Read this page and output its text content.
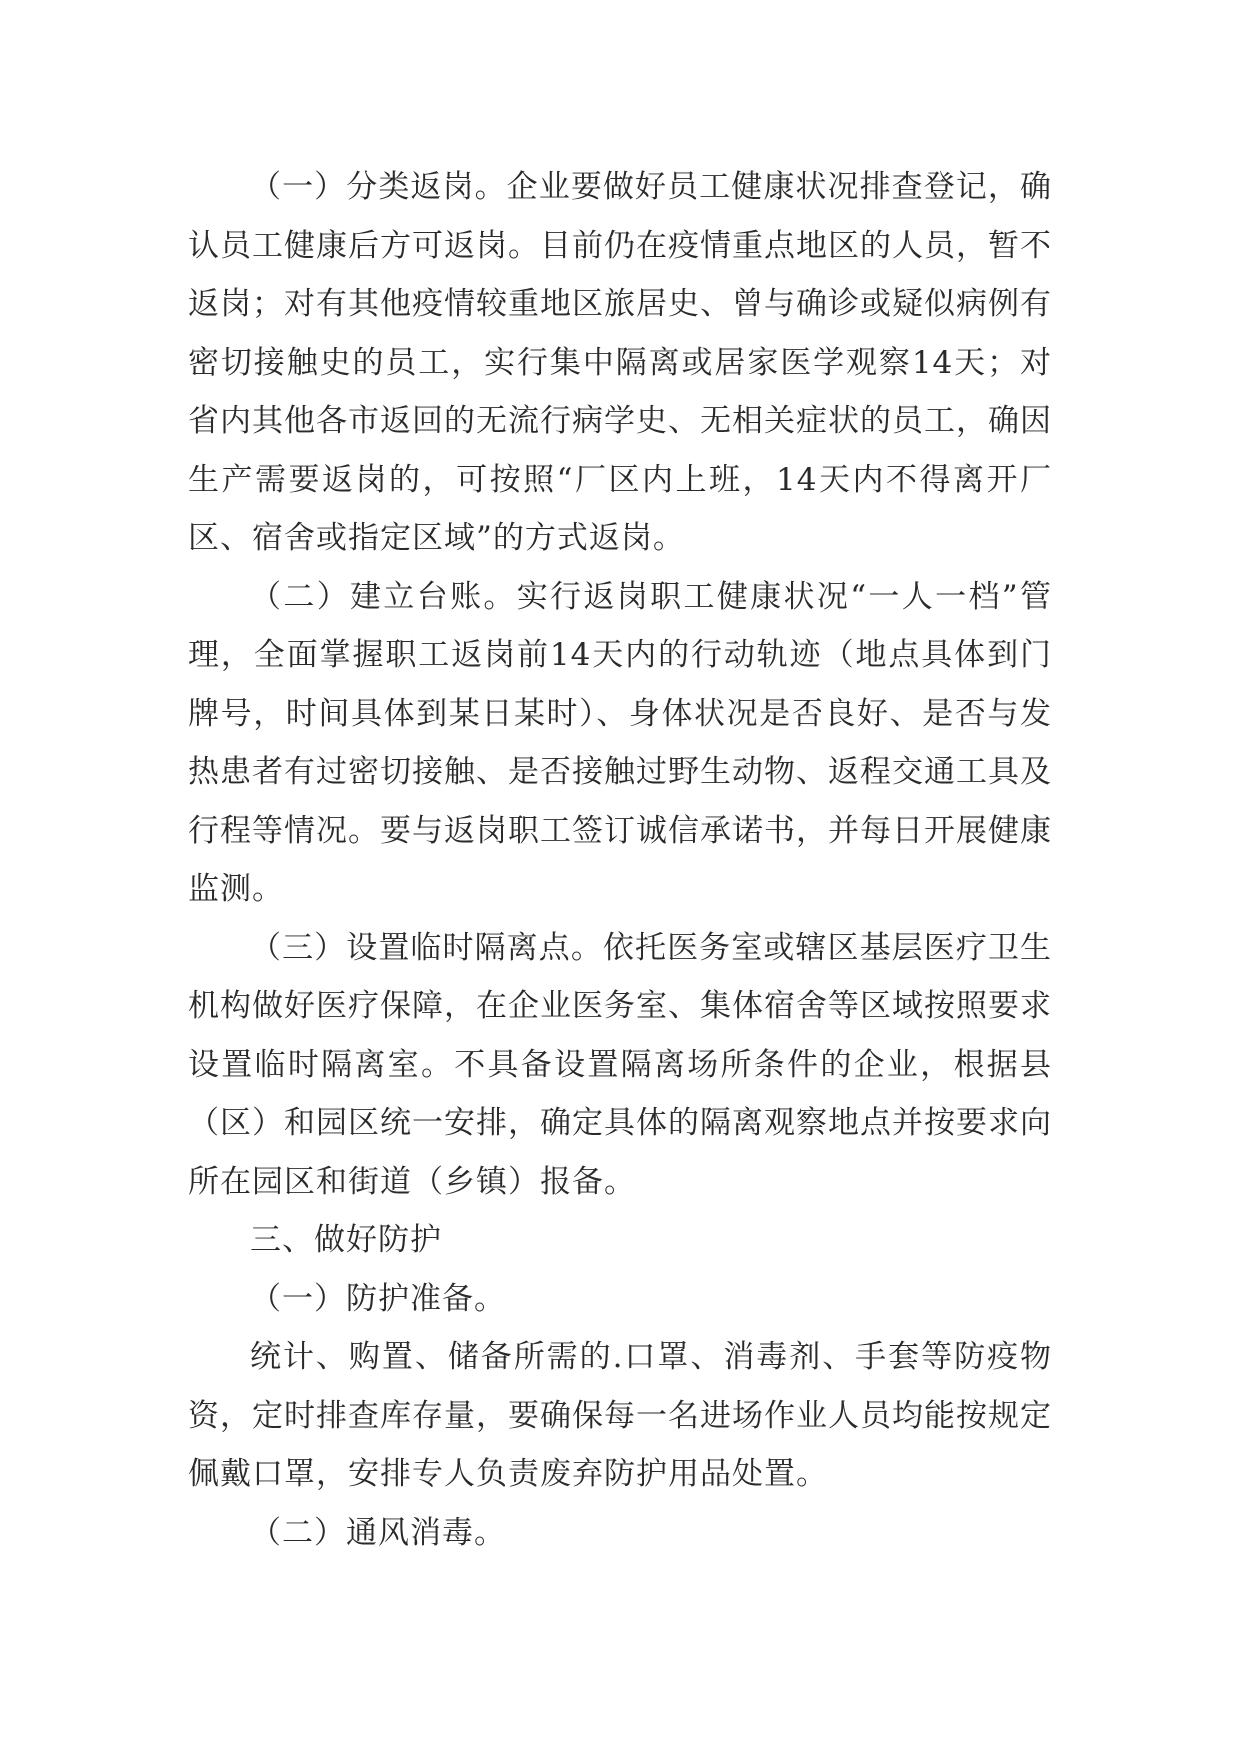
（一）分类返岗。企业要做好员工健康状况排查登记，确认员工健康后方可返岗。目前仍在疫情重点地区的人员，暂不返岗；对有其他疫情较重地区旅居史、曾与确诊或疑似病例有密切接触史的员工，实行集中隔离或居家医学观察14天；对省内其他各市返回的无流行病学史、无相关症状的员工，确因生产需要返岗的，可按照“厂区内上班，14天内不得离开厂区、宿舍或指定区域”的方式返岗。

（二）建立台账。实行返岗职工健康状况“一人一档”管理，全面掌握职工返岗前14天内的行动轨迹（地点具体到门牌号，时间具体到某日某时）、身体状况是否良好、是否与发热患者有过密切接触、是否接触过野生动物、返程交通工具及行程等情况。要与返岗职工签订诚信承诺书，并每日开展健康监测。

（三）设置临时隔离点。依托医务室或辖区基层医疗卫生机构做好医疗保障，在企业医务室、集体宿舍等区域按照要求设置临时隔离室。不具备设置隔离场所条件的企业，根据县（区）和园区统一安排，确定具体的隔离观察地点并按要求向所在园区和街道（乡镇）报备。

三、做好防护

（一）防护准备。

统计、购置、储备所需的.口罩、消毒剂、手套等防疫物资，定时排查库存量，要确保每一名进场作业人员均能按规定佩戴口罩，安排专人负责废弃防护用品处置。

（二）通风消毒。
